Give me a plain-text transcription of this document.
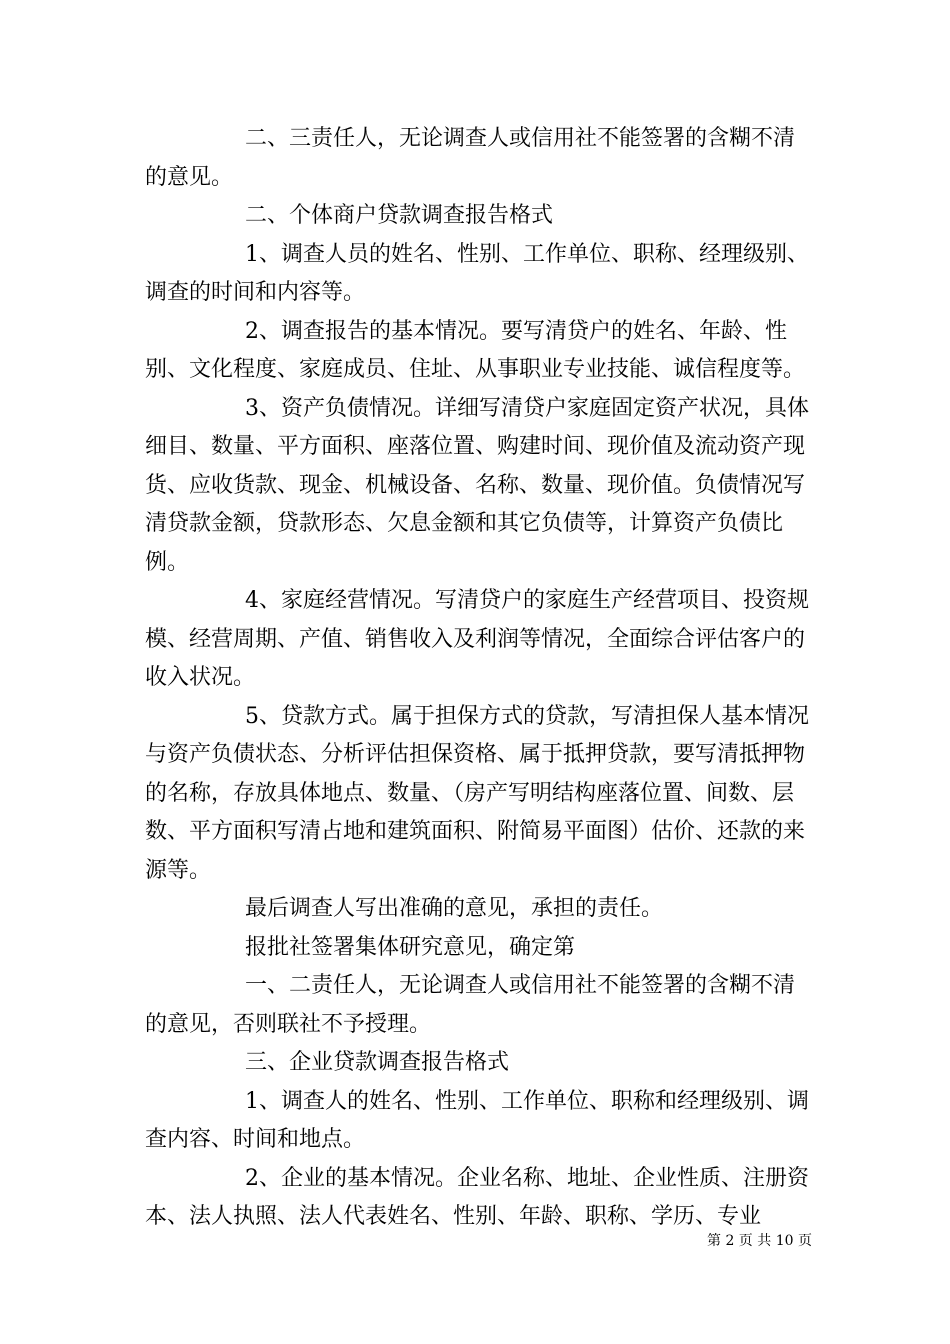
二、三责任人，无论调查人或信用社不能签署的含糊不清的意见。

二、个体商户贷款调查报告格式

1、调查人员的姓名、性别、工作单位、职称、经理级别、调查的时间和内容等。

2、调查报告的基本情况。要写清贷户的姓名、年龄、性别、文化程度、家庭成员、住址、从事职业专业技能、诚信程度等。

3、资产负债情况。详细写清贷户家庭固定资产状况，具体细目、数量、平方面积、座落位置、购建时间、现价值及流动资产现货、应收货款、现金、机械设备、名称、数量、现价值。负债情况写清贷款金额，贷款形态、欠息金额和其它负债等，计算资产负债比例。

4、家庭经营情况。写清贷户的家庭生产经营项目、投资规模、经营周期、产值、销售收入及利润等情况，全面综合评估客户的收入状况。

5、贷款方式。属于担保方式的贷款，写清担保人基本情况与资产负债状态、分析评估担保资格、属于抵押贷款，要写清抵押物的名称，存放具体地点、数量、（房产写明结构座落位置、间数、层数、平方面积写清占地和建筑面积、附简易平面图）估价、还款的来源等。

最后调查人写出准确的意见，承担的责任。

报批社签署集体研究意见，确定第

一、二责任人，无论调查人或信用社不能签署的含糊不清的意见，否则联社不予授理。

三、企业贷款调查报告格式

1、调查人的姓名、性别、工作单位、职称和经理级别、调查内容、时间和地点。

2、企业的基本情况。企业名称、地址、企业性质、注册资本、法人执照、法人代表姓名、性别、年龄、职称、学历、专业

第 2 页 共 10 页
